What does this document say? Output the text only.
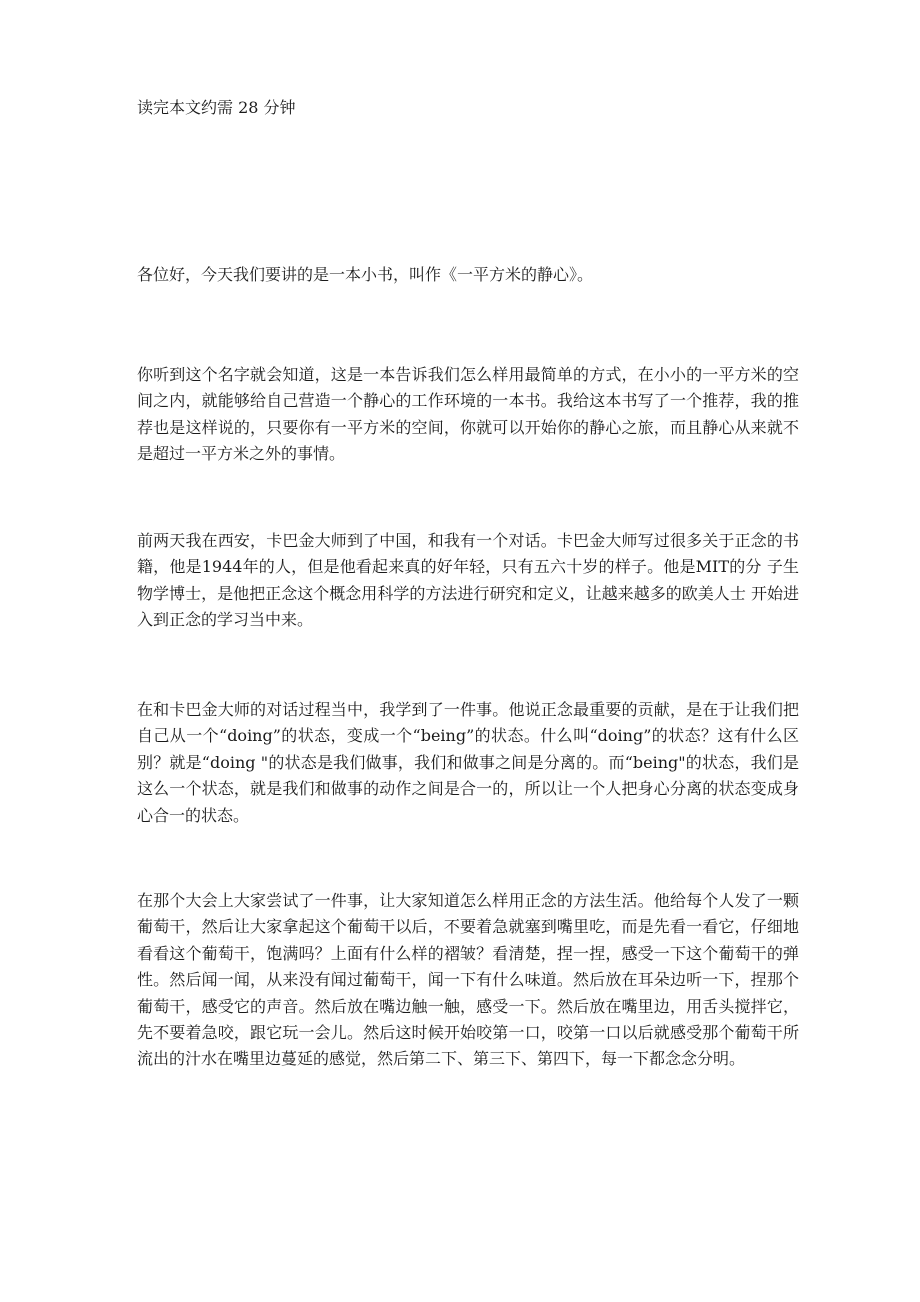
读完本文约需 28 分钟

各位好，今天我们要讲的是一本小书，叫作《一平方米的静心》。

你听到这个名字就会知道，这是一本告诉我们怎么样用最简单的方式，在小小的一平方米的空间之内，就能够给自己营造一个静心的工作环境的一本书。我给这本书写了一个推荐，我的推荐也是这样说的，只要你有一平方米的空间，你就可以开始你的静心之旅，而且静心从来就不是超过一平方米之外的事情。

前两天我在西安，卡巴金大师到了中国，和我有一个对话。卡巴金大师写过很多关于正念的书籍，他是1944年的人，但是他看起来真的好年轻，只有五六十岁的样子。他是MIT的分 子生物学博士，是他把正念这个概念用科学的方法进行研究和定义，让越来越多的欧美人士 开始进入到正念的学习当中来。

在和卡巴金大师的对话过程当中，我学到了一件事。他说正念最重要的贡献，是在于让我们把自己从一个“doing”的状态，变成一个“being”的状态。什么叫“doing”的状态？这有什么区别？就是“doing "的状态是我们做事，我们和做事之间是分离的。而“being"的状态，我们是这么一个状态，就是我们和做事的动作之间是合一的，所以让一个人把身心分离的状态变成身心合一的状态。

在那个大会上大家尝试了一件事，让大家知道怎么样用正念的方法生活。他给每个人发了一颗葡萄干，然后让大家拿起这个葡萄干以后，不要着急就塞到嘴里吃，而是先看一看它，仔细地看看这个葡萄干，饱满吗？上面有什么样的褶皱？看清楚，捏一捏，感受一下这个葡萄干的弹性。然后闻一闻，从来没有闻过葡萄干，闻一下有什么味道。然后放在耳朵边听一下，捏那个葡萄干，感受它的声音。然后放在嘴边触一触，感受一下。然后放在嘴里边，用舌头搅拌它，先不要着急咬，跟它玩一会儿。然后这时候开始咬第一口，咬第一口以后就感受那个葡萄干所流出的汁水在嘴里边蔓延的感觉，然后第二下、第三下、第四下，每一下都念念分明。
